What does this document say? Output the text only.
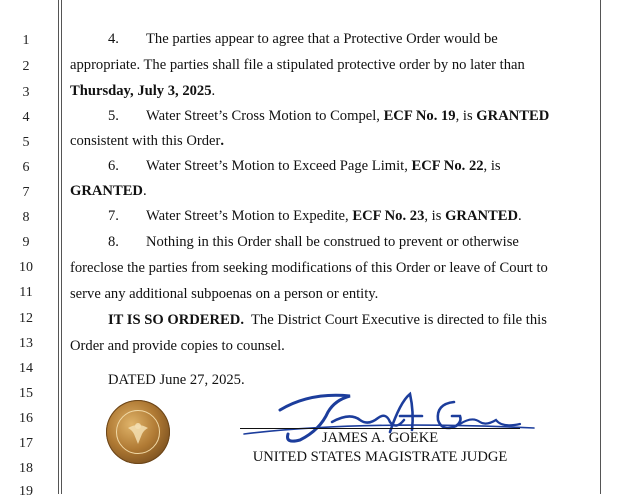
1
2
3
4
5
6
7
8
9
10
11
12
13
14
15
16
17
18
19
4. The parties appear to agree that a Protective Order would be
appropriate. The parties shall file a stipulated protective order by no later than
Thursday, July 3, 2025.
5. Water Street’s Cross Motion to Compel, ECF No. 19, is GRANTED
consistent with this Order.
6. Water Street’s Motion to Exceed Page Limit, ECF No. 22, is
GRANTED.
7. Water Street’s Motion to Expedite, ECF No. 23, is GRANTED.
8. Nothing in this Order shall be construed to prevent or otherwise
foreclose the parties from seeking modifications of this Order or leave of Court to
serve any additional subpoenas on a person or entity.
IT IS SO ORDERED.  The District Court Executive is directed to file this
Order and provide copies to counsel.
DATED June 27, 2025.
JAMES A. GOEKE
UNITED STATES MAGISTRATE JUDGE
